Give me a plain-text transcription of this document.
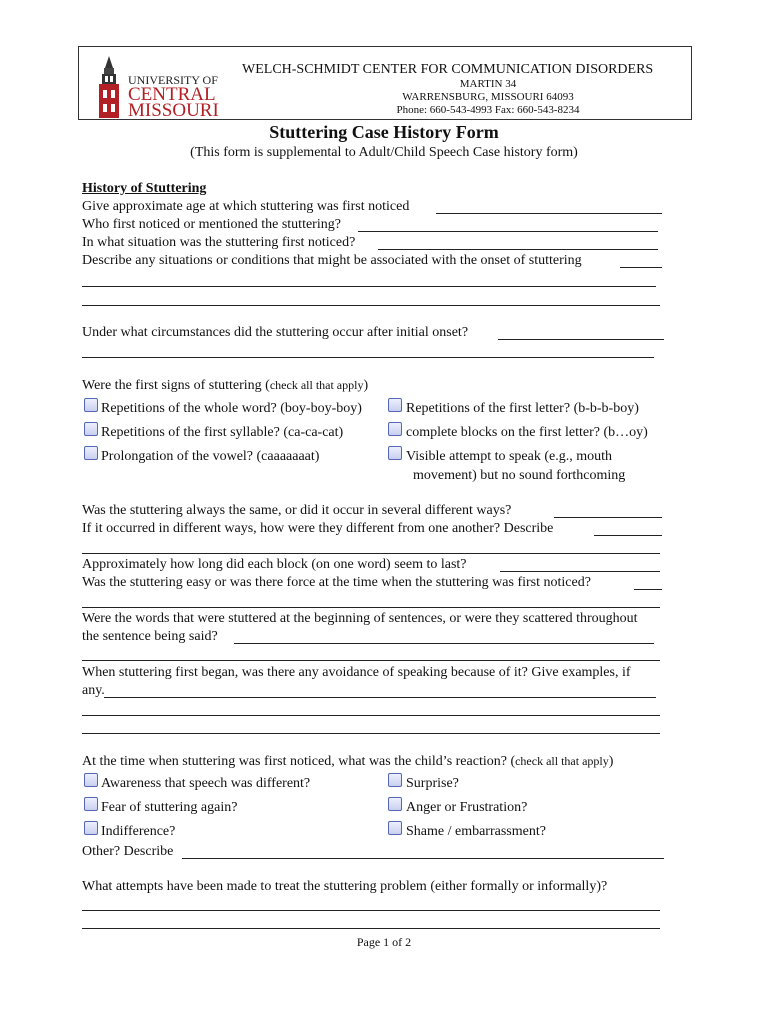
UNIVERSITY OF
CENTRAL
MISSOURI
WELCH-SCHMIDT CENTER FOR COMMUNICATION DISORDERS
MARTIN 34
WARRENSBURG, MISSOURI 64093
Phone: 660-543-4993 Fax: 660-543-8234
Stuttering Case History Form
(This form is supplemental to Adult/Child Speech Case history form)
History of Stuttering
Give approximate age at which stuttering was first noticed
Who first noticed or mentioned the stuttering?
In what situation was the stuttering first noticed?
Describe any situations or conditions that might be associated with the onset of stuttering
Under what circumstances did the stuttering occur after initial onset?
Were the first signs of stuttering (check all that apply)
Repetitions of the whole word? (boy-boy-boy)	Repetitions of the first letter? (b-b-b-boy)
Repetitions of the first syllable? (ca-ca-cat)	complete blocks on the first letter? (b…oy)
Prolongation of the vowel? (caaaaaaat)	Visible attempt to speak (e.g., mouth
movement) but no sound forthcoming
Was the stuttering always the same, or did it occur in several different ways?
If it occurred in different ways, how were they different from one another? Describe
Approximately how long did each block (on one word) seem to last?
Was the stuttering easy or was there force at the time when the stuttering was first noticed?
Were the words that were stuttered at the beginning of sentences, or were they scattered throughout
the sentence being said?
When stuttering first began, was there any avoidance of speaking because of it? Give examples, if
any.
At the time when stuttering was first noticed, what was the child’s reaction? (check all that apply)
Awareness that speech was different?	Surprise?
Fear of stuttering again?	Anger or Frustration?
Indifference?	Shame / embarrassment?
Other? Describe
What attempts have been made to treat the stuttering problem (either formally or informally)?
Page 1 of 2
